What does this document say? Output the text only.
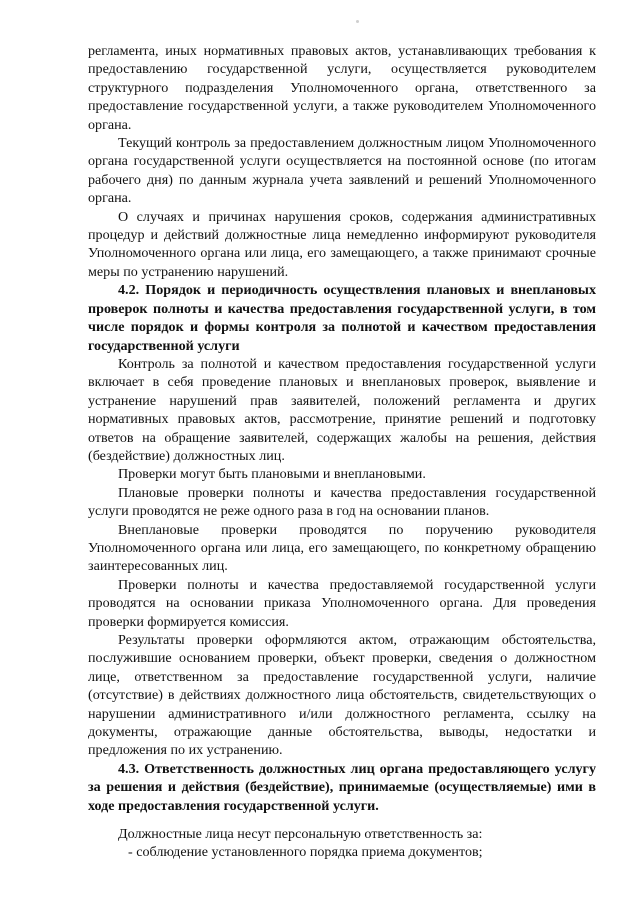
регламента, иных нормативных правовых актов, устанавливающих требования к предоставлению государственной услуги, осуществляется руководителем структурного подразделения Уполномоченного органа, ответственного за предоставление государственной услуги, а также руководителем Уполномоченного органа.

Текущий контроль за предоставлением должностным лицом Уполномоченного органа государственной услуги осуществляется на постоянной основе (по итогам рабочего дня) по данным журнала учета заявлений и решений Уполномоченного органа.

О случаях и причинах нарушения сроков, содержания административных процедур и действий должностные лица немедленно информируют руководителя Уполномоченного органа или лица, его замещающего, а также принимают срочные меры по устранению нарушений.

4.2. Порядок и периодичность осуществления плановых и внеплановых проверок полноты и качества предоставления государственной услуги, в том числе порядок и формы контроля за полнотой и качеством предоставления государственной услуги

Контроль за полнотой и качеством предоставления государственной услуги включает в себя проведение плановых и внеплановых проверок, выявление и устранение нарушений прав заявителей, положений регламента и других нормативных правовых актов, рассмотрение, принятие решений и подготовку ответов на обращение заявителей, содержащих жалобы на решения, действия (бездействие) должностных лиц.

Проверки могут быть плановыми и внеплановыми.

Плановые проверки полноты и качества предоставления государственной услуги проводятся не реже одного раза в год на основании планов.

Внеплановые проверки проводятся по поручению руководителя Уполномоченного органа или лица, его замещающего, по конкретному обращению заинтересованных лиц.

Проверки полноты и качества предоставляемой государственной услуги проводятся на основании приказа Уполномоченного органа. Для проведения проверки формируется комиссия.

Результаты проверки оформляются актом, отражающим обстоятельства, послужившие основанием проверки, объект проверки, сведения о должностном лице, ответственном за предоставление государственной услуги, наличие (отсутствие) в действиях должностного лица обстоятельств, свидетельствующих о нарушении административного и/или должностного регламента, ссылку на документы, отражающие данные обстоятельства, выводы, недостатки и предложения по их устранению.

4.3. Ответственность должностных лиц органа предоставляющего услугу за решения и действия (бездействие), принимаемые (осуществляемые) ими в ходе предоставления государственной услуги.

Должностные лица несут персональную ответственность за:

- соблюдение установленного порядка приема документов;
